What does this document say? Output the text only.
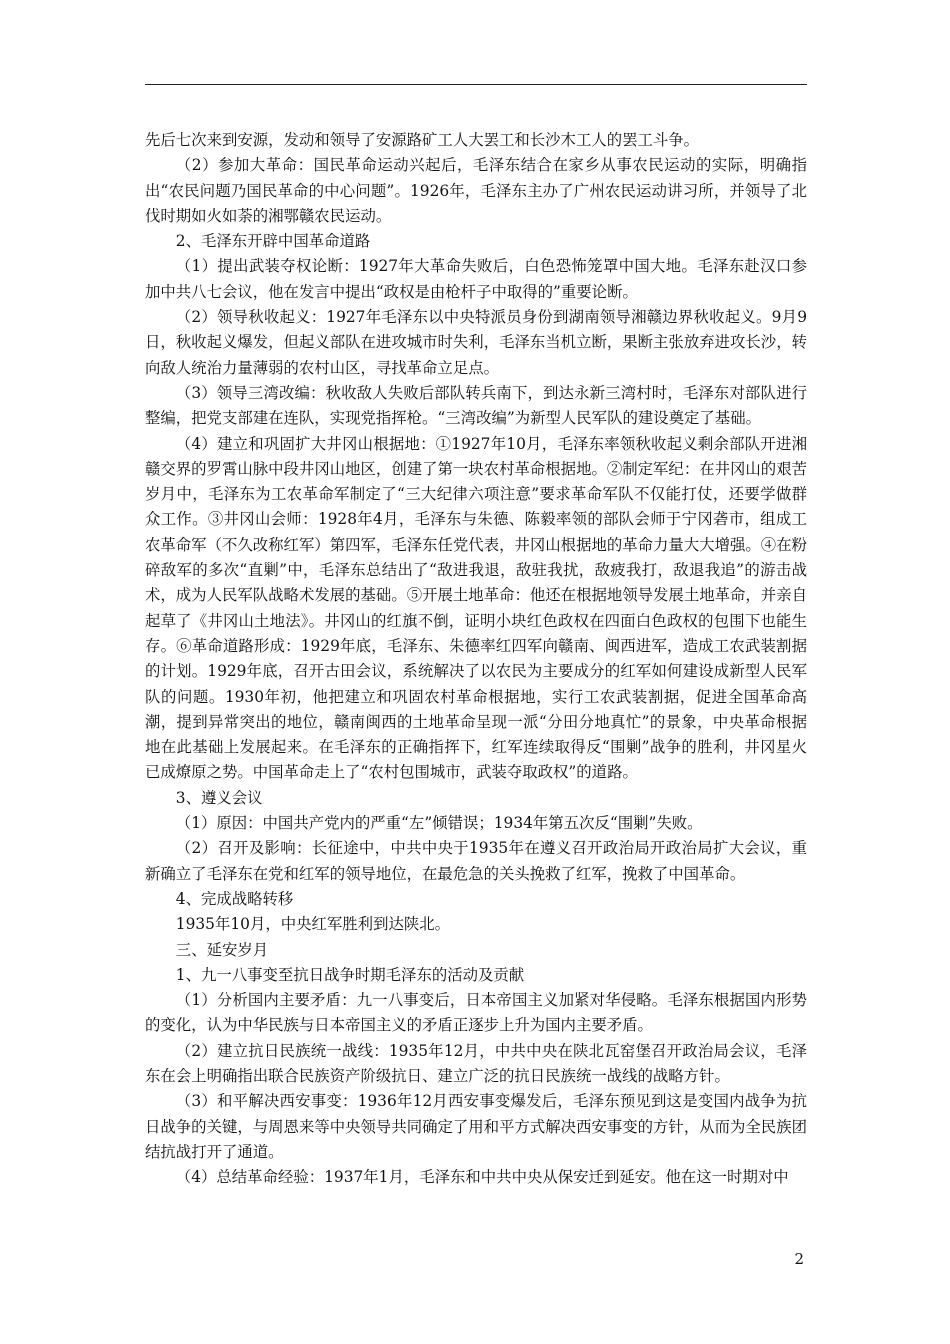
先后七次来到安源，发动和领导了安源路矿工人大罢工和长沙木工人的罢工斗争。

（2）参加大革命：国民革命运动兴起后，毛泽东结合在家乡从事农民运动的实际，明确指出“农民问题乃国民革命的中心问题”。1926年，毛泽东主办了广州农民运动讲习所，并领导了北伐时期如火如荼的湘鄂赣农民运动。

2、毛泽东开辟中国革命道路

（1）提出武装夺权论断：1927年大革命失败后，白色恐怖笼罩中国大地。毛泽东赴汉口参加中共八七会议，他在发言中提出“政权是由枪杆子中取得的”重要论断。

（2）领导秋收起义：1927年毛泽东以中央特派员身份到湖南领导湘赣边界秋收起义。9月9日，秋收起义爆发，但起义部队在进攻城市时失利，毛泽东当机立断，果断主张放弃进攻长沙，转向敌人统治力量薄弱的农村山区，寻找革命立足点。

（3）领导三湾改编：秋收敌人失败后部队转兵南下，到达永新三湾村时，毛泽东对部队进行整编，把党支部建在连队，实现党指挥枪。“三湾改编”为新型人民军队的建设奠定了基础。

（4）建立和巩固扩大井冈山根据地：①1927年10月，毛泽东率领秋收起义剩余部队开进湘赣交界的罗霄山脉中段井冈山地区，创建了第一块农村革命根据地。②制定军纪：在井冈山的艰苦岁月中，毛泽东为工农革命军制定了“三大纪律六项注意”要求革命军队不仅能打仗，还要学做群众工作。③井冈山会师：1928年4月，毛泽东与朱德、陈毅率领的部队会师于宁冈砻市，组成工农革命军（不久改称红军）第四军，毛泽东任党代表，井冈山根据地的革命力量大大增强。④在粉碎敌军的多次“直剿”中，毛泽东总结出了“敌进我退，敌驻我扰，敌疲我打，敌退我追”的游击战术，成为人民军队战略术发展的基础。⑤开展土地革命：他还在根据地领导发展土地革命，并亲自起草了《井冈山土地法》。井冈山的红旗不倒，证明小块红色政权在四面白色政权的包围下也能生存。⑥革命道路形成：1929年底，毛泽东、朱德率红四军向赣南、闽西进军，造成工农武装割据的计划。1929年底，召开古田会议，系统解决了以农民为主要成分的红军如何建设成新型人民军队的问题。1930年初，他把建立和巩固农村革命根据地，实行工农武装割据，促进全国革命高潮，提到异常突出的地位，赣南闽西的土地革命呈现一派“分田分地真忙”的景象，中央革命根据地在此基础上发展起来。在毛泽东的正确指挥下，红军连续取得反“围剿”战争的胜利，井冈星火已成燎原之势。中国革命走上了“农村包围城市，武装夺取政权”的道路。

3、遵义会议

（1）原因：中国共产党内的严重“左”倾错误；1934年第五次反“围剿”失败。

（2）召开及影响：长征途中，中共中央于1935年在遵义召开政治局开政治局扩大会议，重新确立了毛泽东在党和红军的领导地位，在最危急的关头挽救了红军，挽救了中国革命。

4、完成战略转移

1935年10月，中央红军胜利到达陕北。

三、延安岁月

1、九一八事变至抗日战争时期毛泽东的活动及贡献

（1）分析国内主要矛盾：九一八事变后，日本帝国主义加紧对华侵略。毛泽东根据国内形势的变化，认为中华民族与日本帝国主义的矛盾正逐步上升为国内主要矛盾。

（2）建立抗日民族统一战线：1935年12月，中共中央在陕北瓦窑堡召开政治局会议，毛泽东在会上明确指出联合民族资产阶级抗日、建立广泛的抗日民族统一战线的战略方针。

（3）和平解决西安事变：1936年12月西安事变爆发后，毛泽东预见到这是变国内战争为抗日战争的关键，与周恩来等中央领导共同确定了用和平方式解决西安事变的方针，从而为全民族团结抗战打开了通道。

（4）总结革命经验：1937年1月，毛泽东和中共中央从保安迁到延安。他在这一时期对中

2
